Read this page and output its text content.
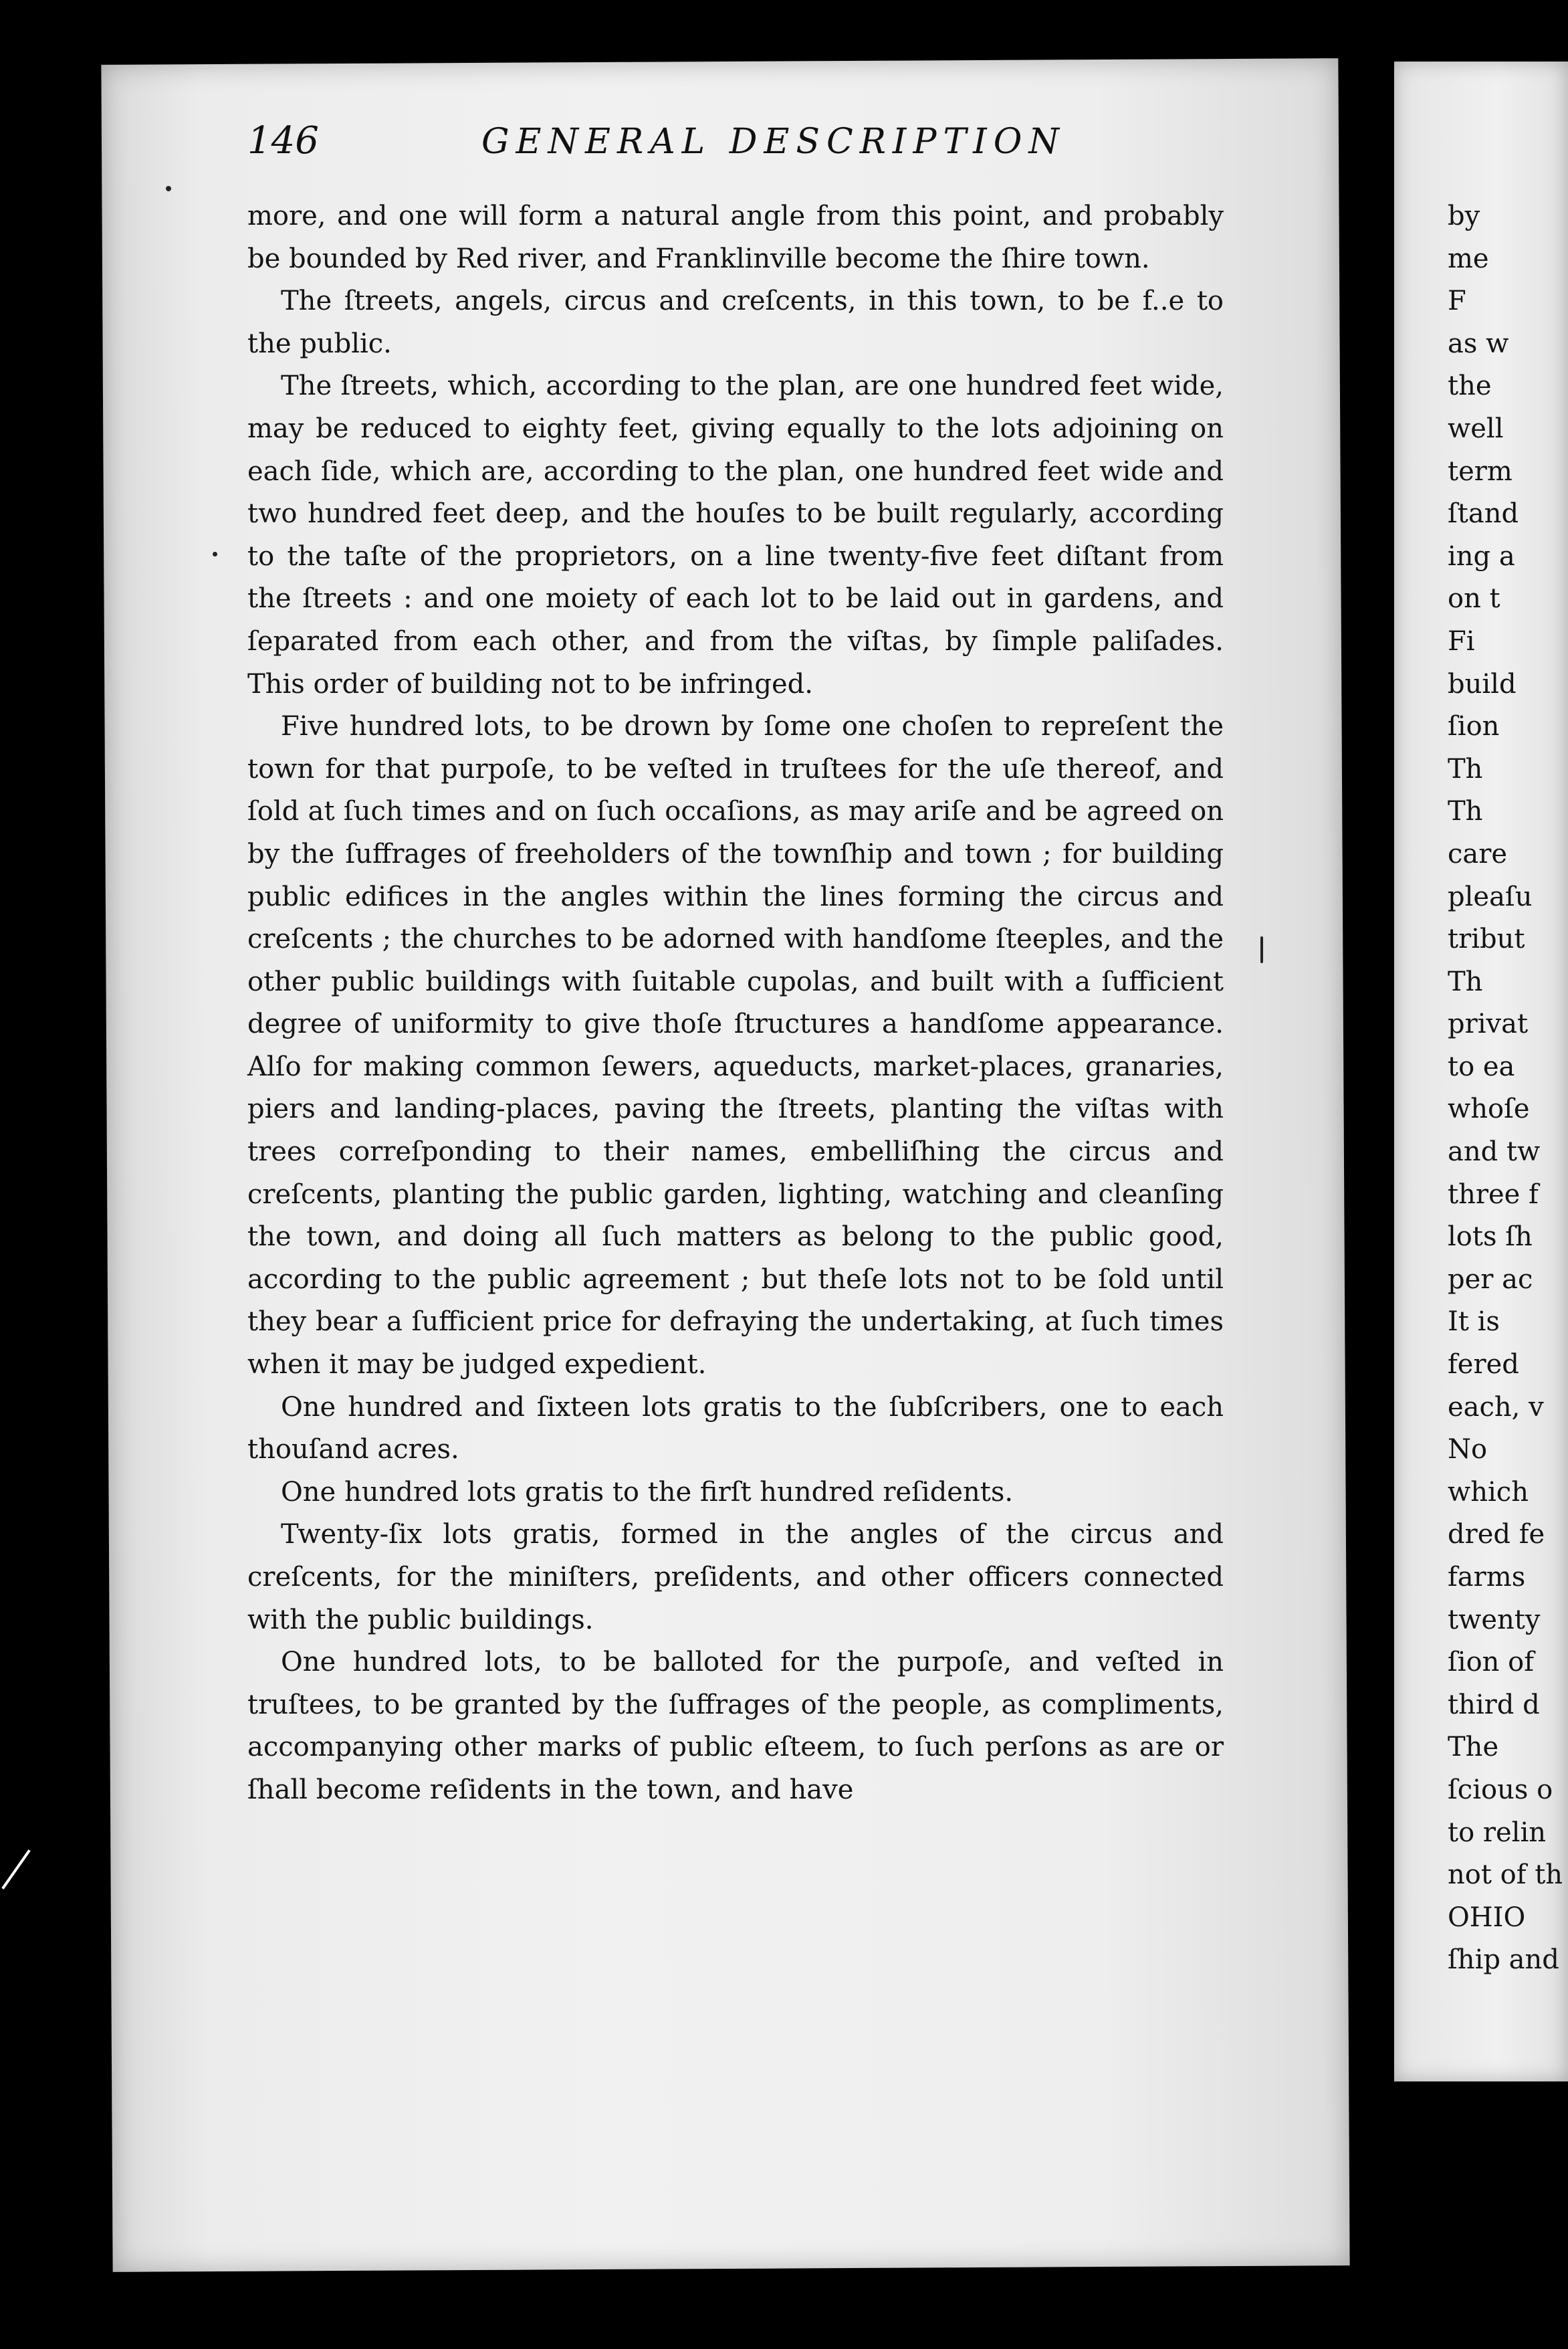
146	GENERAL DESCRIPTION

more, and one will form a natural angle from this point, and probably be bounded by Red river, and Franklinville become the ſhire town.

The ſtreets, angels, circus and creſcents, in this town, to be f..e to the public.

The ſtreets, which, according to the plan, are one hundred feet wide, may be reduced to eighty feet, giving equally to the lots adjoining on each ſide, which are, according to the plan, one hundred feet wide and two hundred feet deep, and the houſes to be built regularly, according to the taſte of the proprietors, on a line twenty-five feet diſtant from the ſtreets : and one moiety of each lot to be laid out in gardens, and ſeparated from each other, and from the viſtas, by ſimple paliſades. This order of building not to be infringed.

Five hundred lots, to be drown by ſome one choſen to repreſent the town for that purpoſe, to be veſted in truſtees for the uſe thereof, and ſold at ſuch times and on ſuch occaſions, as may ariſe and be agreed on by the ſuffrages of freeholders of the townſhip and town ; for building public edifices in the angles within the lines forming the circus and creſcents ; the churches to be adorned with handſome ſteeples, and the other public buildings with ſuitable cupolas, and built with a ſufficient degree of uniformity to give thoſe ſtructures a handſome appearance. Alſo for making common ſewers, aqueducts, market-places, granaries, piers and landing-places, paving the ſtreets, planting the viſtas with trees correſponding to their names, embelliſhing the circus and creſcents, planting the public garden, lighting, watching and cleanſing the town, and doing all ſuch matters as belong to the public good, according to the public agreement ; but theſe lots not to be ſold until they bear a ſufficient price for defraying the undertaking, at ſuch times when it may be judged expedient.

One hundred and ſixteen lots gratis to the ſubſcribers, one to each thouſand acres.

One hundred lots gratis to the firſt hundred reſidents.

Twenty-ſix lots gratis, formed in the angles of the circus and creſcents, for the miniſters, preſidents, and other officers connected with the public buildings.

One hundred lots, to be balloted for the purpoſe, and veſted in truſtees, to be granted by the ſuffrages of the people, as compliments, accompanying other marks of public eſteem, to ſuch perſons as are or ſhall become reſidents in the town, and have

by
me
F
as w
the
well
term
ſtand
ing a
on t
Fi
build
ſion
Th
Th
care
pleaſu
tribut
Th
privat
to ea
whoſe
and tw
three f
lots ſh
per ac
It is
fered
each, v
No
which
dred fe
farms
twenty
ſion of
third d
The
ſcious o
to relin
not of th
OHIO
ſhip and
